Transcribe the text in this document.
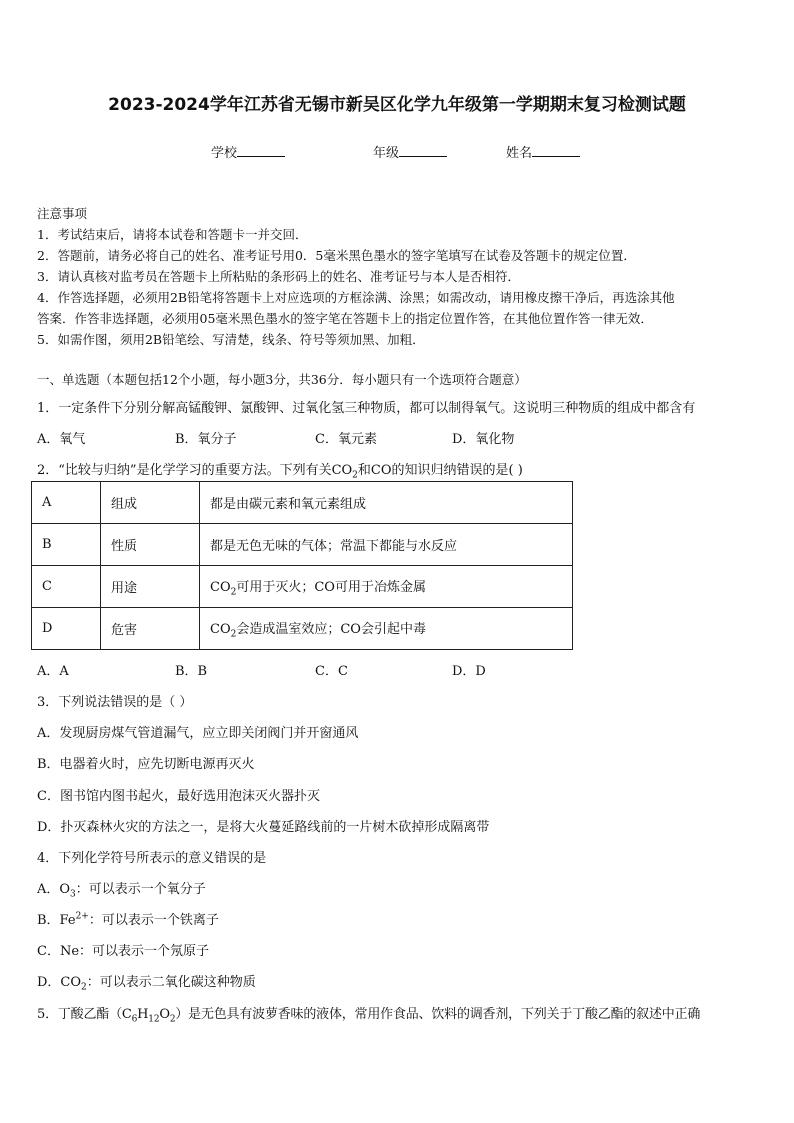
2023-2024学年江苏省无锡市新吴区化学九年级第一学期期末复习检测试题
学校	年级	姓名
注意事项
1．考试结束后，请将本试卷和答题卡一并交回．
2．答题前，请务必将自己的姓名、准考证号用0．5毫米黑色墨水的签字笔填写在试卷及答题卡的规定位置．
3．请认真核对监考员在答题卡上所粘贴的条形码上的姓名、准考证号与本人是否相符．
4．作答选择题，必须用2B铅笔将答题卡上对应选项的方框涂满、涂黑；如需改动，请用橡皮擦干净后，再选涂其他
答案．作答非选择题，必须用05毫米黑色墨水的签字笔在答题卡上的指定位置作答，在其他位置作答一律无效．
5．如需作图，须用2B铅笔绘、写清楚，线条、符号等须加黑、加粗．
一、单选题（本题包括12个小题，每小题3分，共36分．每小题只有一个选项符合题意）
1．一定条件下分别分解高锰酸钾、氯酸钾、过氧化氢三种物质，都可以制得氧气。这说明三种物质的组成中都含有
A．氧气	B．氧分子	C．氧元素	D．氧化物
2．“比较与归纳”是化学学习的重要方法。下列有关$CO_2$和CO的知识归纳错误的是( )
A	组成	都是由碳元素和氧元素组成
B	性质	都是无色无味的气体；常温下都能与水反应
C	用途	$CO_2$可用于灭火；CO可用于冶炼金属
D	危害	$CO_2$会造成温室效应；CO会引起中毒
A．A	B．B	C．C	D．D
3．下列说法错误的是（ ）
A．发现厨房煤气管道漏气，应立即关闭阀门并开窗通风
B．电器着火时，应先切断电源再灭火
C．图书馆内图书起火，最好选用泡沫灭火器扑灭
D．扑灭森林火灾的方法之一，是将大火蔓延路线前的一片树木砍掉形成隔离带
4．下列化学符号所表示的意义错误的是
A．$O_3$：可以表示一个氧分子
B．$Fe^{2+}$：可以表示一个铁离子
C．Ne：可以表示一个氖原子
D．$CO_2$：可以表示二氧化碳这种物质
5．丁酸乙酯$(C_6H_{12}O_2)$是无色具有波萝香味的液体，常用作食品、饮料的调香剂，下列关于丁酸乙酯的叙述中正确
